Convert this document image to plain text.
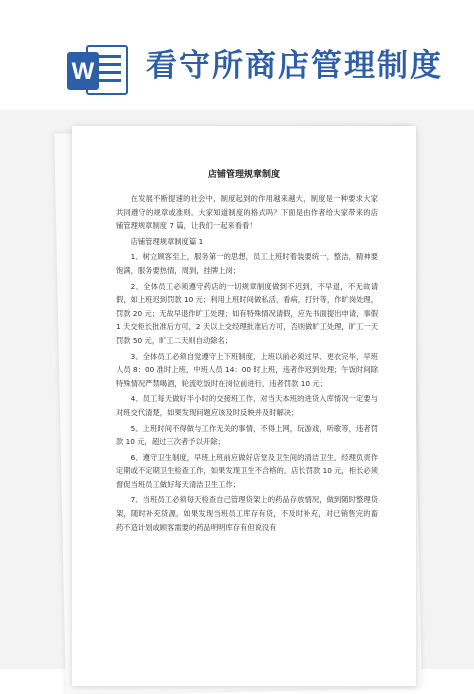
W 看守所商店管理制度
店铺管理规章制度

在发展不断提速的社会中，制度起到的作用越来越大，制度是一种要求大家共同遵守的规章或准则。大家知道制度的格式吗？下面是由作者给大家带来的店铺管理规章制度 7 篇，让我们一起来看看！

店铺管理规章制度篇 1

1、树立顾客至上，服务第一的思想，员工上班时着装要统一，整洁，精神要饱满，服务要热情，周到，挂牌上岗；

2、全体员工必须遵守药店的一切规章制度做到不迟到，不早退，不无故请假，如上班迟到罚款 10 元；利用上班时间做私活，看病，打针等，作旷岗处理，罚款 20 元；无故早退作旷工处理；如有特殊情况请假，应先书面提出申请，事假 1 天交柜长批准后方可，2 天以上交经理批准后方可，否则做旷工处理，旷工一天罚款 50 元，旷工二天则自动除名；

3、全体员工必须自觉遵守上下班制度，上班以前必须过早、更衣完毕，早班人员 8：00 准时上班，中班人员 14：00 时上班，违者作迟到处理；午饭时间除特殊情况严禁喝酒，轮流吃饭时在岗位前进行，违者罚款 10 元；

4、员工每天做好半小时的交接班工作，对当天本班的进货入库情况一定要与对班交代清楚，如果发现问题应该及时反映并及时解决；

5、上班时间不得做与工作无关的事情，不得上网，玩游戏，听歌等，违者罚款 10 元，超过三次者予以开除；

6、遵守卫生制度，早班上班前应做好店堂及卫生间的清洁卫生，经理负责作定期或不定期卫生检查工作，如果发现卫生不合格的，店长罚款 10 元，柜长必须督促当班员工做好每天清洁卫生工作；

7、当班员工必须每天检查自己管理货架上的药品存放情况，做到随时整理货架，随时补充货源，如果发现当班员工库存有货，不及时补充，对已销售完的畜药不造计划或顾客需要的药品明明库存有但说没有
